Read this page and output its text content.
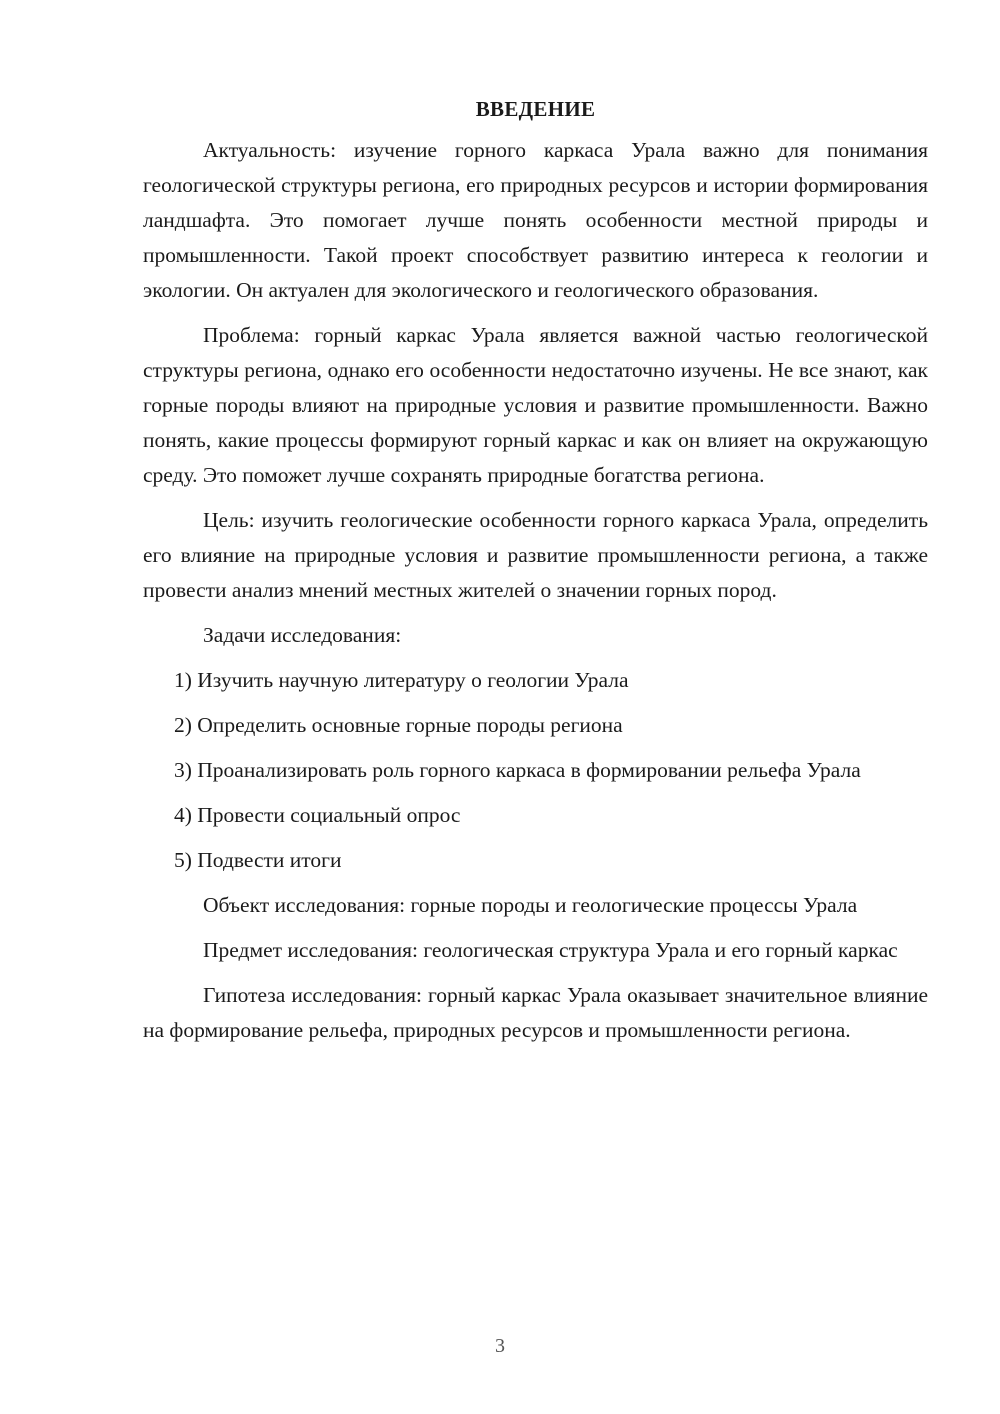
ВВЕДЕНИЕ

Актуальность: изучение горного каркаса Урала важно для понимания геологической структуры региона, его природных ресурсов и истории формирования ландшафта. Это помогает лучше понять особенности местной природы и промышленности. Такой проект способствует развитию интереса к геологии и экологии. Он актуален для экологического и геологического образования.

Проблема: горный каркас Урала является важной частью геологической структуры региона, однако его особенности недостаточно изучены. Не все знают, как горные породы влияют на природные условия и развитие промышленности. Важно понять, какие процессы формируют горный каркас и как он влияет на окружающую среду. Это поможет лучше сохранять природные богатства региона.

Цель: изучить геологические особенности горного каркаса Урала, определить его влияние на природные условия и развитие промышленности региона, а также провести анализ мнений местных жителей о значении горных пород.

Задачи исследования:

1) Изучить научную литературу о геологии Урала

2) Определить основные горные породы региона

3) Проанализировать роль горного каркаса в формировании рельефа Урала

4) Провести социальный опрос

5) Подвести итоги

Объект исследования: горные породы и геологические процессы Урала

Предмет исследования: геологическая структура Урала и его горный каркас

Гипотеза исследования: горный каркас Урала оказывает значительное влияние на формирование рельефа, природных ресурсов и промышленности региона.

3
